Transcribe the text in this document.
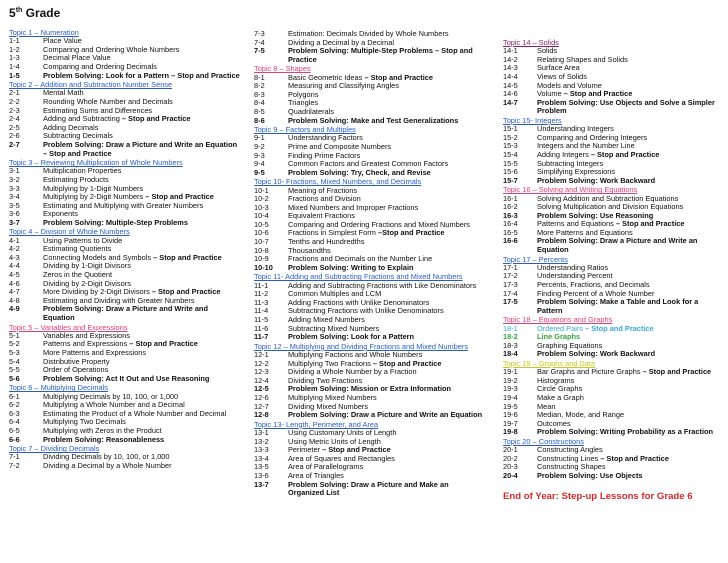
5th Grade
Topic 1 – Numeration
1-1	Place Value
1-2	Comparing and Ordering Whole Numbers
1-3	Decimal Place Value
1-4	Comparing and Ordering Decimals
1-5	Problem Solving: Look for a Pattern – Stop and Practice
Topic 2 – Addition and Subtraction Number Sense
2-1	Mental Math
2-2	Rounding Whole Number and Decimals
2-3	Estimating Sums and Differences
2-4	Adding and Subtracting – Stop and Practice
2-5	Adding Decimals
2-6	Subtracting Decimals
2-7	Problem Solving: Draw a Picture and Write an Equation – Stop and Practice
Topic 3 – Reviewing Multiplication of Whole Numbers
3-1	Multiplication Properties
3-2	Estimating Products
3-3	Multiplying by 1-Digit Numbers
3-4	Multiplying by 2-Digit Numbers – Stop and Practice
3-5	Estimating and Multiplying with Greater Numbers
3-6	Exponents
3-7	Problem Solving: Multiple-Step Problems
Topic 4 – Division of Whole Numbers
4-1	Using Patterns to Divide
4-2	Estimating Quotients
4-3	Connecting Models and Symbols – Stop and Practice
4-4	Dividing by 1-Digit Divisors
4-5	Zeros in the Quotient
4-6	Dividing by 2-Digit Divisors
4-7	More Dividing by 2-Digit Divisors – Stop and Practice
4-8	Estimating and Dividing with Greater Numbers
4-9	Problem Solving: Draw a Picture and Write and Equation
Topic 5 – Variables and Expressions
5-1	Variables and Expressions
5-2	Patterns and Expressions – Stop and Practice
5-3	More Patterns and Expressions
5-4	Distributive Property
5-5	Order of Operations
5-6	Problem Solving: Act It Out and Use Reasoning
Topic 6 – Multiplying Decimals
6-1	Multiplying Decimals by 10, 100, or 1,000
6-2	Multiplying a Whole Number and a Decimal
6-3	Estimating the Product of a Whole Number and Decimal
6-4	Multiplying Two Decimals
6-5	Multiplying with Zeros in the Product
6-6	Problem Solving: Reasonableness
Topic 7 – Dividing Decimals
7-1	Dividing Decimals by 10, 100, or 1,000
7-2	Dividing a Decimal by a Whole Number
7-3	Estimation: Decimals Divided by Whole Numbers
7-4	Dividing a Decimal by a Decimal
7-5	Problem Solving: Multiple-Step Problems – Stop and Practice
Topic 8 – Shapes
8-1	Basic Geometric Ideas – Stop and Practice
8-2	Measuring and Classifying Angles
8-3	Polygons
8-4	Triangles
8-5	Quadrilaterals
8-6	Problem Solving: Make and Test Generalizations
Topic 9 – Factors and Multiples
9-1	Understanding Factors
9-2	Prime and Composite Numbers
9-3	Finding Prime Factors
9-4	Common Factors and Greatest Common Factors
9-5	Problem Solving: Try, Check, and Revise
Topic 10- Fractions, Mixed Numbers, and Decimals
10-1	Meaning of Fractions
10-2	Fractions and Division
10-3	Mixed Numbers and Improper Fractions
10-4	Equivalent Fractions
10-5	Comparing and Ordering Fractions and Mixed Numbers
10-6	Fractions in Simplest Form –Stop and Practice
10-7	Tenths and Hundredths
10-8	Thousandths
10-9	Fractions and Decimals on the Number Line
10-10	Problem Solving: Writing to Explain
Topic 11- Adding and Subtracting Fractions and Mixed Numbers
11-1	Adding and Subtracting Fractions with Like Denominators
11-2	Common Multiples and LCM
11-3	Adding Fractions with Unlike Denominators
11-4	Subtracting Fractions with Unlike Denominators
11-5	Adding Mixed Numbers
11-6	Subtracting Mixed Numbers
11-7	Problem Solving: Look for a Pattern
Topic 12 – Multiplying and Dividing Fractions and Mixed Numbers
12-1	Multiplying Factions and Whole Numbers
12-2	Multiplying Two Fractions – Stop and Practice
12-3	Dividing a Whole Number by a Fraction
12-4	Dividing Two Fractions
12-5	Problem Solving: Mission or Extra Information
12-6	Multiplying Mixed Numbers
12-7	Dividing Mixed Numbers
12-8	Problem Solving: Draw a Picture and Write an Equation
Topic 13- Length, Perimeter, and Area
13-1	Using Customary Units of Length
13-2	Using Metric Units of Length
13-3	Perimeter – Stop and Practice
13-4	Area of Squares and Rectangles
13-5	Area of Parallelograms
13-6	Area of Triangles
13-7	Problem Solving: Draw a Picture and Make an Organized List
Topic 14 – Solids
14-1	Solids
14-2	Relating Shapes and Solids
14-3	Surface Area
14-4	Views of Solids
14-5	Models and Volume
14-6	Volume – Stop and Practice
14-7	Problem Solving: Use Objects and Solve a Simpler Problem
Topic 15- Integers
15-1	Understanding Integers
15-2	Comparing and Ordering Integers
15-3	Integers and the Number Line
15-4	Adding Integers – Stop and Practice
15-5	Subtracting Integers
15-6	Simplifying Expressions
15-7	Problem Solving: Work Backward
Topic 16 – Solving and Writing Equations
16-1	Solving Addition and Subtraction Equations
16-2	Solving Multiplication and Division Equations
16-3	Problem Solving: Use Reasoning
16-4	Patterns and Equations – Stop and Practice
16-5	More Patterns and Equations
16-6	Problem Solving: Draw a Picture and Write an Equation
Topic 17 – Percents
17-1	Understanding Ratios
17-2	Understanding Percent
17-3	Percents, Fractions, and Decimals
17-4	Finding Percent of a Whole Number
17-5	Problem Solving: Make a Table and Look for a Pattern
Topic 18 – Equations and Graphs
18-1	Ordered Pairs – Stop and Practice
18-2	Line Graphs
18-3	Graphing Equations
18-4	Problem Solving: Work Backward
Topic 19 – Graphs and Data
19-1	Bar Graphs and Picture Graphs – Stop and Practice
19-2	Histograms
19-3	Circle Graphs
19-4	Make a Graph
19-5	Mean
19-6	Median, Mode, and Range
19-7	Outcomes
19-8	Problem Solving: Writing Probability as a Fraction
Topic 20 – Constructions
20-1	Constructing Angles
20-2	Constructing Lines – Stop and Practice
20-3	Constructing Shapes
20-4	Problem Solving: Use Objects
End of Year: Step-up Lessons for Grade 6
